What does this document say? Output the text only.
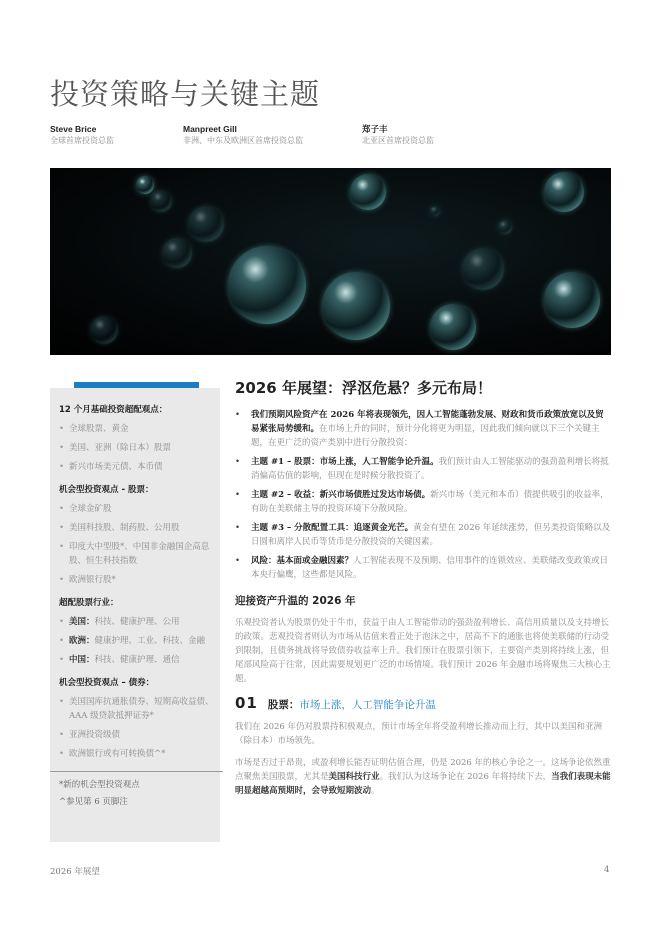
投资策略与关键主题
Steve Brice
全球首席投资总监
Manpreet Gill
非洲、中东及欧洲区首席投资总监
郑子丰
北亚区首席投资总监
12 个月基础投资超配观点：
• 全球股票、黄金
• 美国、亚洲（除日本）股票
• 新兴市场美元债、本币债
机会型投资观点 - 股票：
• 全球金矿股
• 美国科技股、制药股、公用股
• 印度大中型股*、中国非金融国企高息股、恒生科技指数
• 欧洲银行股*
超配股票行业：
• 美国：科技、健康护理、公用
• 欧洲：健康护理、工业、科技、金融
• 中国：科技、健康护理、通信
机会型投资观点 – 债券：
• 美国国库抗通胀债券、短期高收益债、AAA 级贷款抵押证券*
• 亚洲投资级债
• 欧洲银行或有可转换债^*
*新的机会型投资观点
^参见第 6 页脚注
2026 年展望：浮沤危悬？多元布局！
• 我们预期风险资产在 2026 年将表现领先，因人工智能蓬勃发展、财政和货币政策放宽以及贸易紧张局势缓和。在市场上升的同时，预计分化将更为明显，因此我们倾向就以下三个关键主题，在更广泛的资产类别中进行分散投资：
• 主题 #1 – 股票：市场上涨，人工智能争论升温。我们预计由人工智能驱动的强劲盈利增长将抵消偏高估值的影响，但现在是时候分散投资了。
• 主题 #2 – 收益：新兴市场债胜过发达市场债。新兴市场（美元和本币）债提供吸引的收益率，有助在美联储主导的投资环境下分散风险。
• 主题 #3 – 分散配置工具：追逐黄金光芒。黄金有望在 2026 年延续涨势，但另类投资策略以及日圆和离岸人民币等货币是分散投资的关键因素。
• 风险：基本面或金融因素？人工智能表现不及预期、信用事件的连锁效应、美联储改变政策或日本央行偏鹰，这些都是风险。
迎接资产升温的 2026 年

乐观投资者认为股票仍处于牛市，获益于由人工智能带动的强劲盈利增长、高信用质量以及支持增长的政策。悲观投资者则认为市场从估值来看正处于泡沫之中，居高不下的通胀也将使美联储的行动受到限制，且债务挑战将导致债券收益率上升。我们预计在股票引领下，主要资产类别将持续上涨，但尾部风险高于往常，因此需要规划更广泛的市场情境。我们预计 2026 年金融市场将聚焦三大核心主题。

01 股票： 市场上涨，人工智能争论升温

我们在 2026 年仍对股票持积极观点，预计市场全年将受盈利增长推动而上行，其中以美国和亚洲（除日本）市场领先。

市场是否过于昂贵，或盈利增长能否证明估值合理，仍是 2026 年的核心争论之一。这场争论依然重点聚焦美国股票，尤其是美国科技行业。我们认为这场争论在 2026 年将持续下去，当我们表现未能明显超越高预期时，会导致短期波动。

2026 年展望	4
